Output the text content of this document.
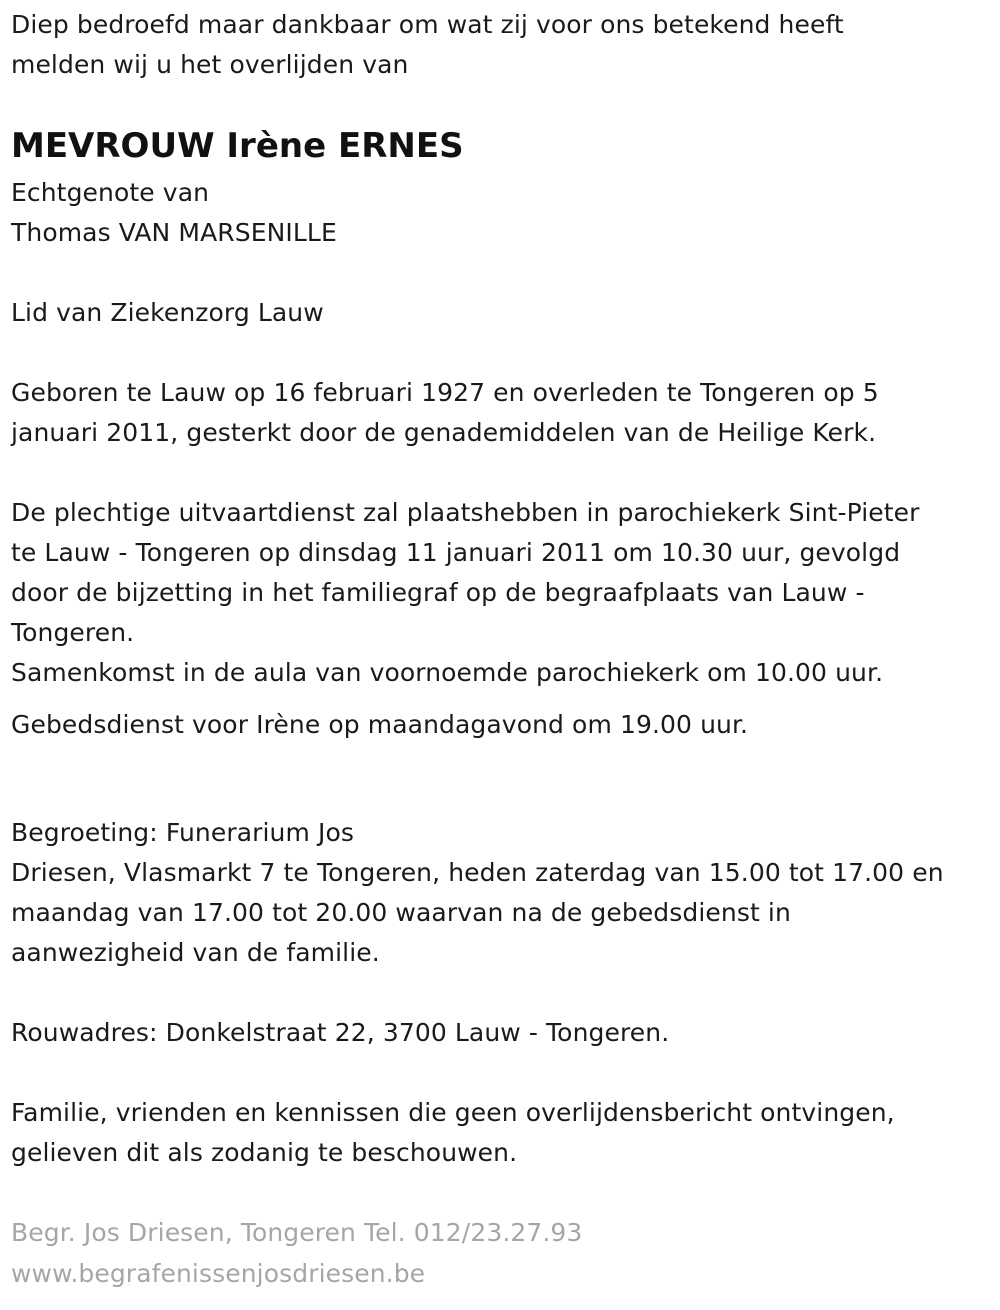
Diep bedroefd maar dankbaar om wat zij voor ons betekend heeft
melden wij u het overlijden van
MEVROUW Irène ERNES
Echtgenote van
Thomas VAN MARSENILLE
Lid van Ziekenzorg Lauw
Geboren te Lauw op 16 februari 1927 en overleden te Tongeren op 5
januari 2011, gesterkt door de genademiddelen van de Heilige Kerk.
De plechtige uitvaartdienst zal plaatshebben in parochiekerk Sint-Pieter
te Lauw - Tongeren op dinsdag 11 januari 2011 om 10.30 uur, gevolgd
door de bijzetting in het familiegraf op de begraafplaats van Lauw -
Tongeren.
Samenkomst in de aula van voornoemde parochiekerk om 10.00 uur.
Gebedsdienst voor Irène op maandagavond om 19.00 uur.
Begroeting: Funerarium Jos
Driesen, Vlasmarkt 7 te Tongeren, heden zaterdag van 15.00 tot 17.00 en
maandag van 17.00 tot 20.00 waarvan na de gebedsdienst in
aanwezigheid van de familie.
Rouwadres: Donkelstraat 22, 3700 Lauw - Tongeren.
Familie, vrienden en kennissen die geen overlijdensbericht ontvingen,
gelieven dit als zodanig te beschouwen.
Begr. Jos Driesen, Tongeren Tel. 012/23.27.93
www.begrafenissenjosdriesen.be
